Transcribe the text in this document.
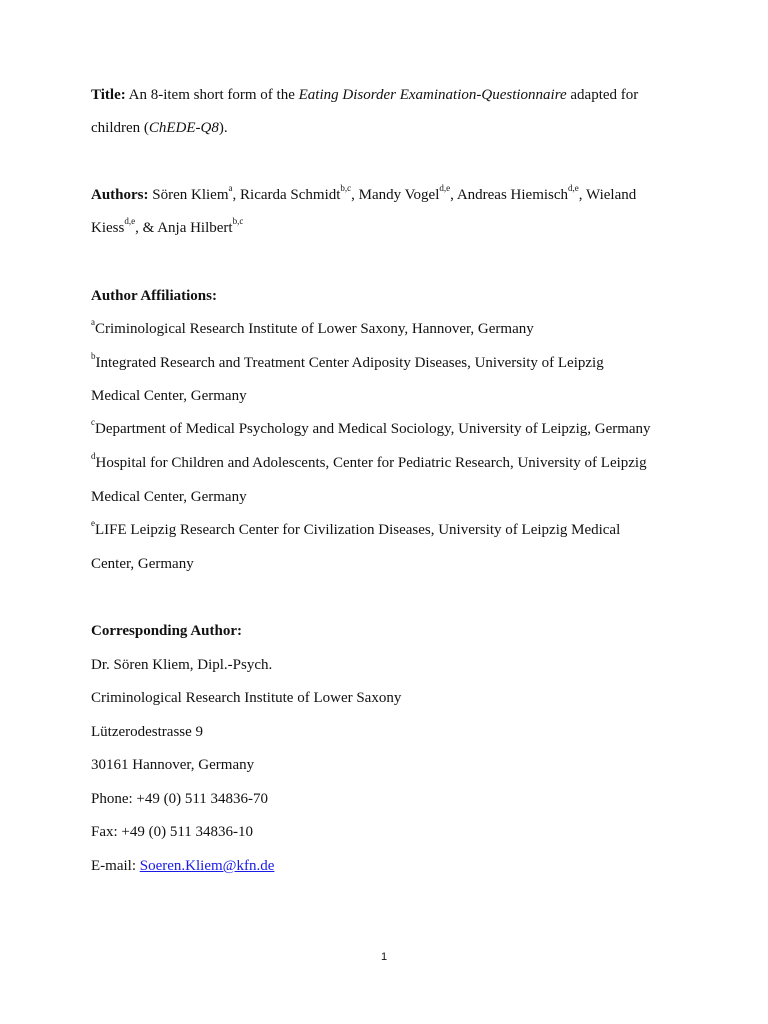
Title: An 8-item short form of the Eating Disorder Examination-Questionnaire adapted for
children (ChEDE-Q8).
Authors: Sören Kliem$^a$, Ricarda Schmidt$^{b,c}$, Mandy Vogel$^{d,e}$, Andreas Hiemisch$^{d,e}$, Wieland
Kiess$^{d,e}$, & Anja Hilbert$^{b,c}$
Author Affiliations:
$^a$Criminological Research Institute of Lower Saxony, Hannover, Germany
$^b$Integrated Research and Treatment Center Adiposity Diseases, University of Leipzig
Medical Center, Germany
$^c$Department of Medical Psychology and Medical Sociology, University of Leipzig, Germany
$^d$Hospital for Children and Adolescents, Center for Pediatric Research, University of Leipzig
Medical Center, Germany
$^e$LIFE Leipzig Research Center for Civilization Diseases, University of Leipzig Medical
Center, Germany
Corresponding Author:
Dr. Sören Kliem, Dipl.-Psych.
Criminological Research Institute of Lower Saxony
Lützerodestrasse 9
30161 Hannover, Germany
Phone: +49 (0) 511 34836-70
Fax: +49 (0) 511 34836-10
E-mail: Soeren.Kliem@kfn.de
1
